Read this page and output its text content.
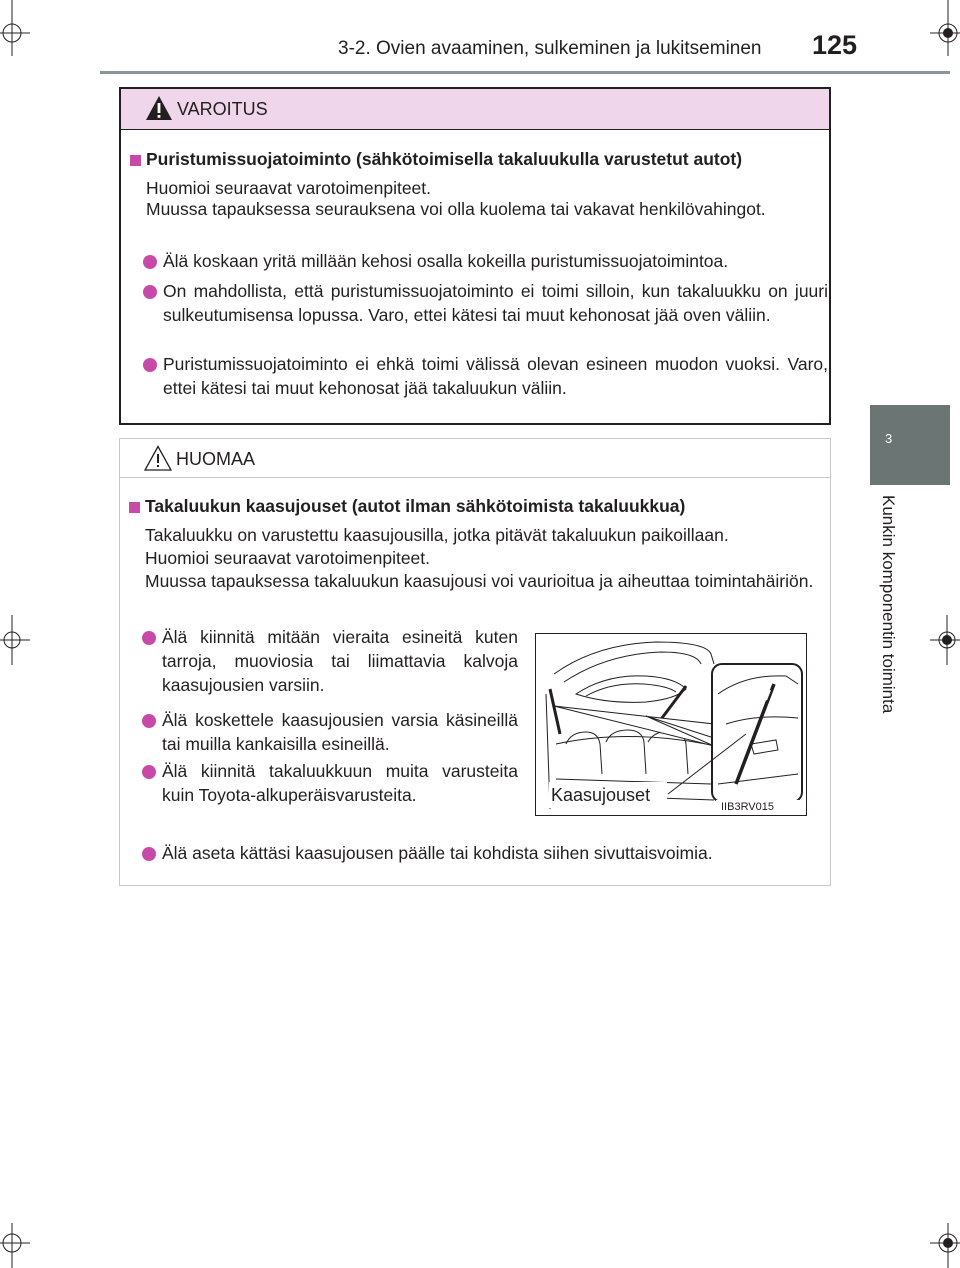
3-2. Ovien avaaminen, sulkeminen ja lukitseminen 125
3
Kunkin komponentin toiminta
VAROITUS
Puristumissuojatoiminto (sähkötoimisella takaluukulla varustetut autot)
Huomioi seuraavat varotoimenpiteet.
Muussa tapauksessa seurauksena voi olla kuolema tai vakavat henkilövahingot.
Älä koskaan yritä millään kehosi osalla kokeilla puristumissuojatoimintoa.
On mahdollista, että puristumissuojatoiminto ei toimi silloin, kun takaluukku on juuri sulkeutumisensa lopussa. Varo, ettei kätesi tai muut kehonosat jää oven väliin.
Puristumissuojatoiminto ei ehkä toimi välissä olevan esineen muodon vuoksi. Varo, ettei kätesi tai muut kehonosat jää takaluukun väliin.
HUOMAA
Takaluukun kaasujouset (autot ilman sähkötoimista takaluukkua)
Takaluukku on varustettu kaasujousilla, jotka pitävät takaluukun paikoillaan.
Huomioi seuraavat varotoimenpiteet.
Muussa tapauksessa takaluukun kaasujousi voi vaurioitua ja aiheuttaa toimintahäiriön.
Älä kiinnitä mitään vieraita esineitä kuten tarroja, muoviosia tai liimattavia kalvoja kaasujousien varsiin.
Älä koskettele kaasujousien varsia käsineillä tai muilla kankaisilla esineillä.
Älä kiinnitä takaluukkuun muita varusteita kuin Toyota-alkuperäisvarusteita.
Älä aseta kättäsi kaasujousen päälle tai kohdista siihen sivuttaisvoimia.
Kaasujouset
IIB3RV015
